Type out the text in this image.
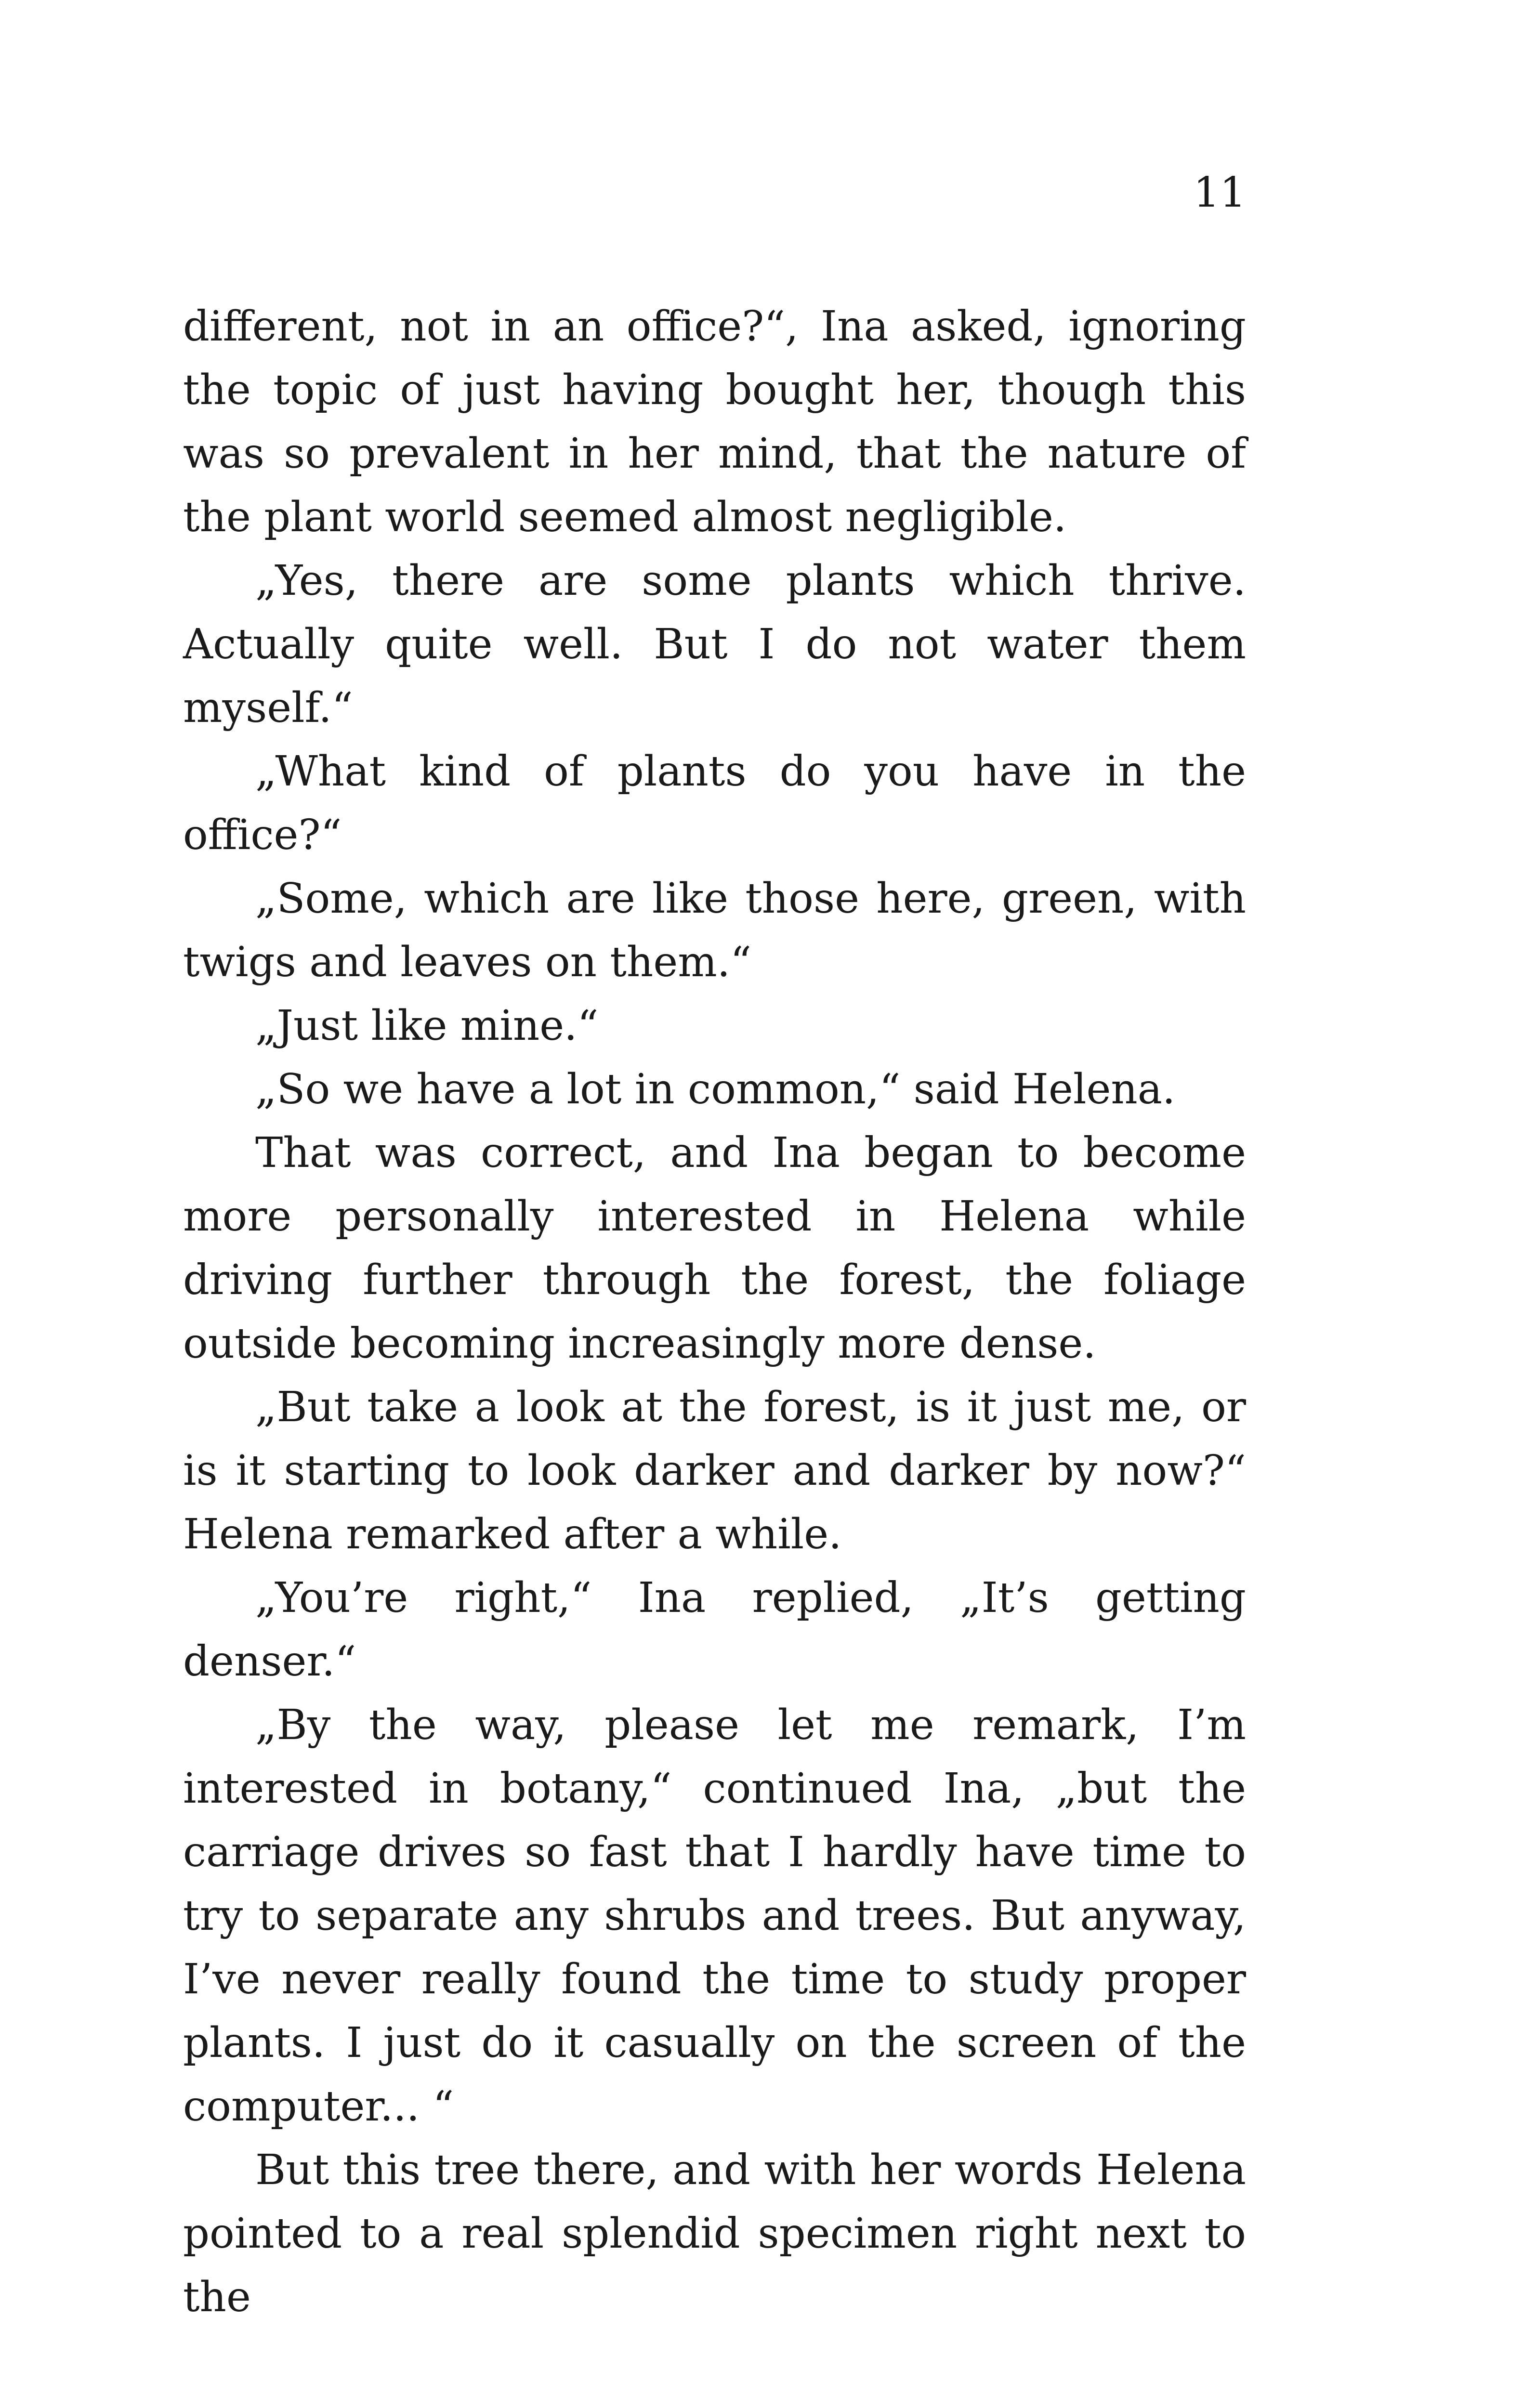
11

different, not in an office?“, Ina asked, ignoring the topic of just having bought her, though this was so prevalent in her mind, that the nature of the plant world seemed almost negligible.

„Yes, there are some plants which thrive. Actually quite well. But I do not water them myself.“

„What kind of plants do you have in the office?“

„Some, which are like those here, green, with twigs and leaves on them.“

„Just like mine.“

„So we have a lot in common,“ said Helena.

That was correct, and Ina began to become more personally interested in Helena while driving further through the forest, the foliage outside becoming increasingly more dense.

„But take a look at the forest, is it just me, or is it starting to look darker and darker by now?“ Helena remarked after a while.

„You’re right,“ Ina replied, „It’s getting denser.“

„By the way, please let me remark, I’m interested in botany,“ continued Ina, „but the carriage drives so fast that I hardly have time to try to separate any shrubs and trees. But anyway, I’ve never really found the time to study proper plants. I just do it casually on the screen of the computer... “

But this tree there, and with her words Helena pointed to a real splendid specimen right next to the
